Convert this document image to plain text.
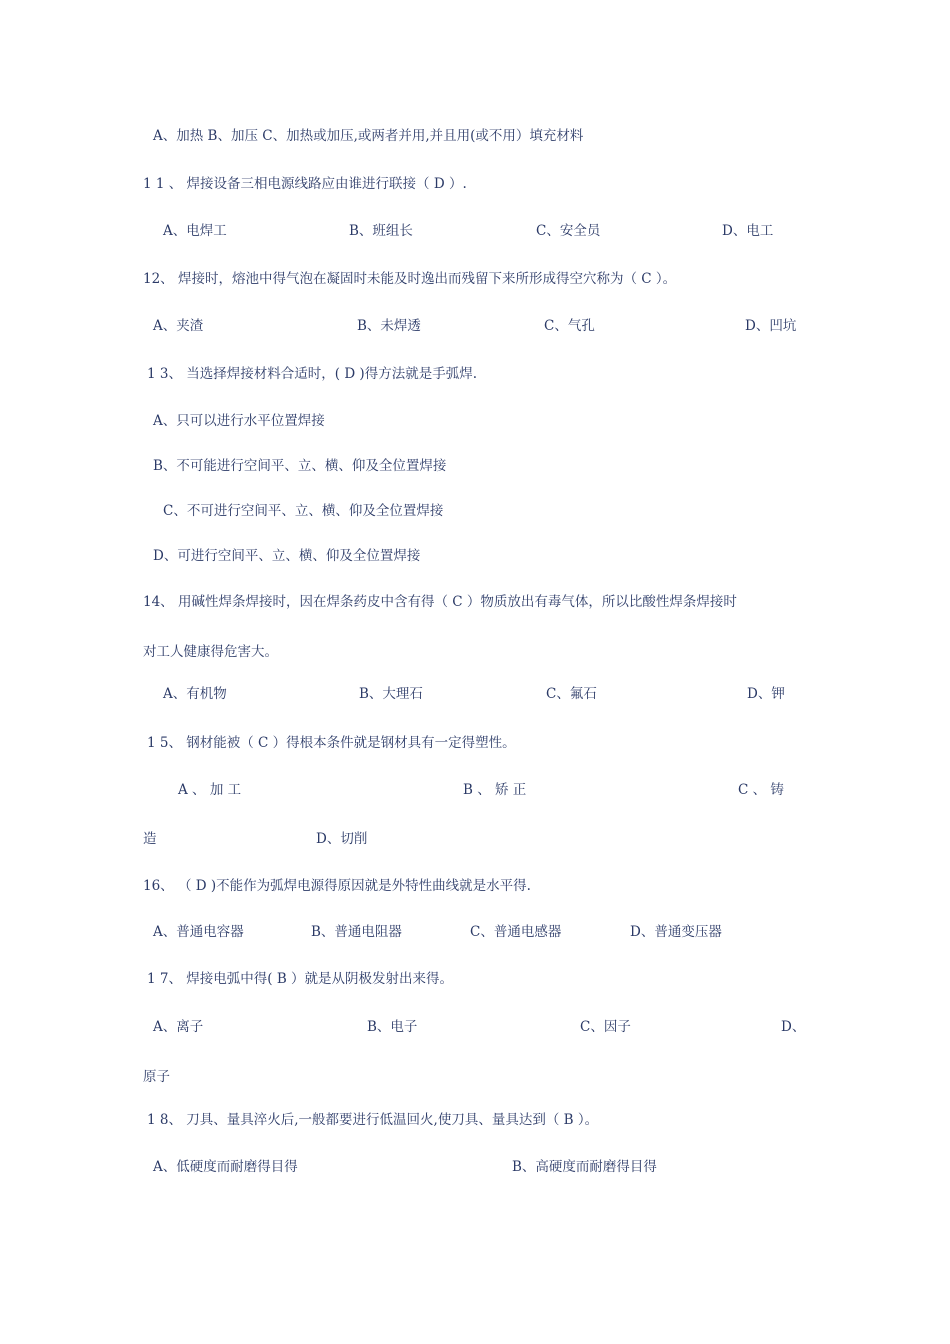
A、加热 B、加压 C、加热或加压,或两者并用,并且用(或不用）填充材料
1 1 、 焊接设备三相电源线路应由谁进行联接（ D ）.
A、电焊工	B、班组长	C、安全员	D、电工
12、 焊接时，熔池中得气泡在凝固时未能及时逸出而残留下来所形成得空穴称为（ C ）。
A、夹渣	B、未焊透	C、气孔	D、凹坑
1 3、 当选择焊接材料合适时，( D )得方法就是手弧焊.
A、只可以进行水平位置焊接
B、不可能进行空间平、立、横、仰及全位置焊接
C、不可进行空间平、立、横、仰及全位置焊接
D、可进行空间平、立、横、仰及全位置焊接
14、 用碱性焊条焊接时，因在焊条药皮中含有得（ C ）物质放出有毒气体，所以比酸性焊条焊接时
对工人健康得危害大。
A、有机物	B、大理石	C、氟石	D、钾
1 5、 钢材能被（ C ）得根本条件就是钢材具有一定得塑性。
A 、 加 工	B 、 矫 正	C 、 铸
造	D、切削
16、 （ D )不能作为弧焊电源得原因就是外特性曲线就是水平得.
A、普通电容器	B、普通电阻器	C、普通电感器	D、普通变压器
1 7、 焊接电弧中得( B ）就是从阴极发射出来得。
A、离子	B、电子	C、因子	D、
原子
1 8、 刀具、量具淬火后,一般都要进行低温回火,使刀具、量具达到（ B ）。
A、低硬度而耐磨得目得	B、高硬度而耐磨得目得
